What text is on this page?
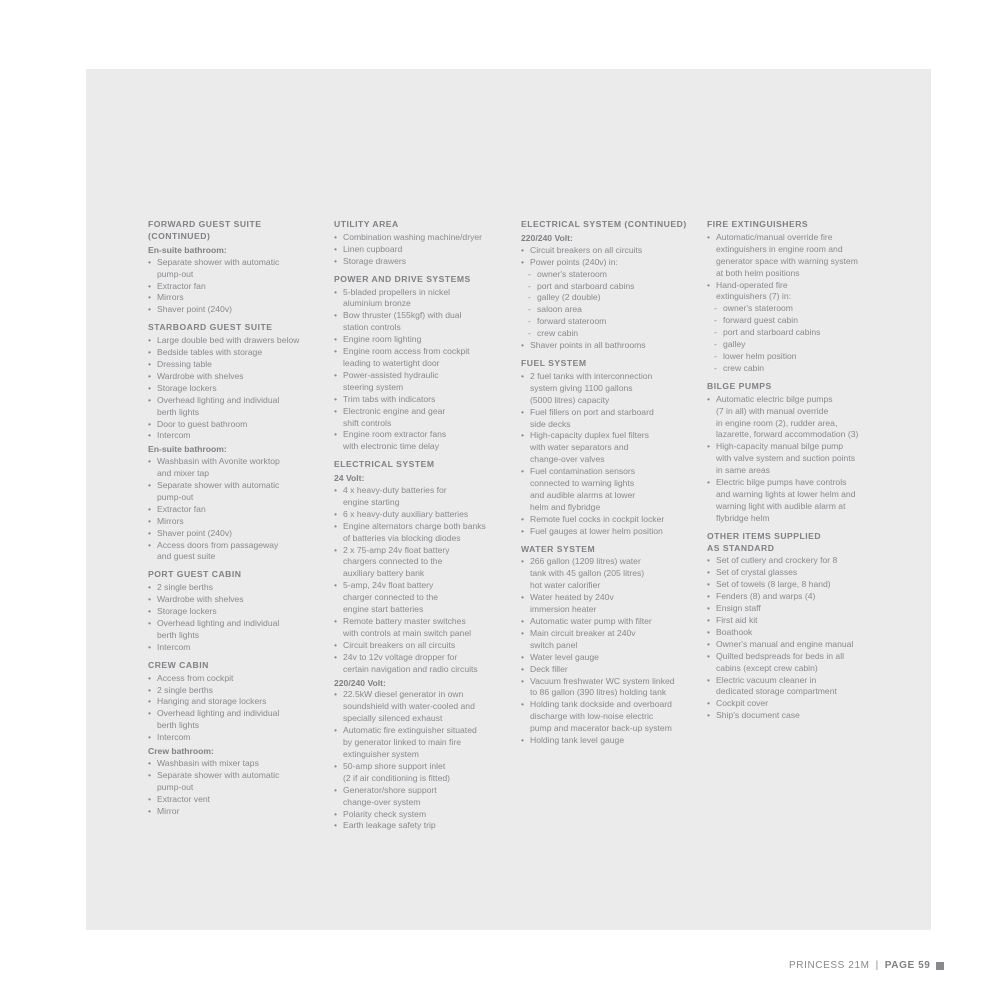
FORWARD GUEST SUITE
(CONTINUED)
En-suite bathroom:
• Separate shower with automatic
pump-out
• Extractor fan
• Mirrors
• Shaver point (240v)
STARBOARD GUEST SUITE
• Large double bed with drawers below
• Bedside tables with storage
• Dressing table
• Wardrobe with shelves
• Storage lockers
• Overhead lighting and individual
berth lights
• Door to guest bathroom
• Intercom
En-suite bathroom:
• Washbasin with Avonite worktop
and mixer tap
• Separate shower with automatic
pump-out
• Extractor fan
• Mirrors
• Shaver point (240v)
• Access doors from passageway
and guest suite
PORT GUEST CABIN
• 2 single berths
• Wardrobe with shelves
• Storage lockers
• Overhead lighting and individual
berth lights
• Intercom
CREW CABIN
• Access from cockpit
• 2 single berths
• Hanging and storage lockers
• Overhead lighting and individual
berth lights
• Intercom
Crew bathroom:
• Washbasin with mixer taps
• Separate shower with automatic
pump-out
• Extractor vent
• Mirror
UTILITY AREA
• Combination washing machine/dryer
• Linen cupboard
• Storage drawers
POWER AND DRIVE SYSTEMS
• 5-bladed propellers in nickel
aluminium bronze
• Bow thruster (155kgf) with dual
station controls
• Engine room lighting
• Engine room access from cockpit
leading to watertight door
• Power-assisted hydraulic
steering system
• Trim tabs with indicators
• Electronic engine and gear
shift controls
• Engine room extractor fans
with electronic time delay
ELECTRICAL SYSTEM
24 Volt:
• 4 x heavy-duty batteries for
engine starting
• 6 x heavy-duty auxiliary batteries
• Engine alternators charge both banks
of batteries via blocking diodes
• 2 x 75-amp 24v float battery
chargers connected to the
auxiliary battery bank
• 5-amp, 24v float battery
charger connected to the
engine start batteries
• Remote battery master switches
with controls at main switch panel
• Circuit breakers on all circuits
• 24v to 12v voltage dropper for
certain navigation and radio circuits
220/240 Volt:
• 22.5kW diesel generator in own
soundshield with water-cooled and
specially silenced exhaust
• Automatic fire extinguisher situated
by generator linked to main fire
extinguisher system
• 50-amp shore support inlet
(2 if air conditioning is fitted)
• Generator/shore support
change-over system
• Polarity check system
• Earth leakage safety trip
ELECTRICAL SYSTEM (CONTINUED)
220/240 Volt:
• Circuit breakers on all circuits
• Power points (240v) in:
- owner's stateroom
- port and starboard cabins
- galley (2 double)
- saloon area
- forward stateroom
- crew cabin
• Shaver points in all bathrooms
FUEL SYSTEM
• 2 fuel tanks with interconnection
system giving 1100 gallons
(5000 litres) capacity
• Fuel fillers on port and starboard
side decks
• High-capacity duplex fuel filters
with water separators and
change-over valves
• Fuel contamination sensors
connected to warning lights
and audible alarms at lower
helm and flybridge
• Remote fuel cocks in cockpit locker
• Fuel gauges at lower helm position
WATER SYSTEM
• 266 gallon (1209 litres) water
tank with 45 gallon (205 litres)
hot water calorifier
• Water heated by 240v
immersion heater
• Automatic water pump with filter
• Main circuit breaker at 240v
switch panel
• Water level gauge
• Deck filler
• Vacuum freshwater WC system linked
to 86 gallon (390 litres) holding tank
• Holding tank dockside and overboard
discharge with low-noise electric
pump and macerator back-up system
• Holding tank level gauge
FIRE EXTINGUISHERS
• Automatic/manual override fire
extinguishers in engine room and
generator space with warning system
at both helm positions
• Hand-operated fire
extinguishers (7) in:
- owner's stateroom
- forward guest cabin
- port and starboard cabins
- galley
- lower helm position
- crew cabin
BILGE PUMPS
• Automatic electric bilge pumps
(7 in all) with manual override
in engine room (2), rudder area,
lazarette, forward accommodation (3)
• High-capacity manual bilge pump
with valve system and suction points
in same areas
• Electric bilge pumps have controls
and warning lights at lower helm and
warning light with audible alarm at
flybridge helm
OTHER ITEMS SUPPLIED
AS STANDARD
• Set of cutlery and crockery for 8
• Set of crystal glasses
• Set of towels (8 large, 8 hand)
• Fenders (8) and warps (4)
• Ensign staff
• First aid kit
• Boathook
• Owner's manual and engine manual
• Quilted bedspreads for beds in all
cabins (except crew cabin)
• Electric vacuum cleaner in
dedicated storage compartment
• Cockpit cover
• Ship's document case
PRINCESS 21M | PAGE 59
